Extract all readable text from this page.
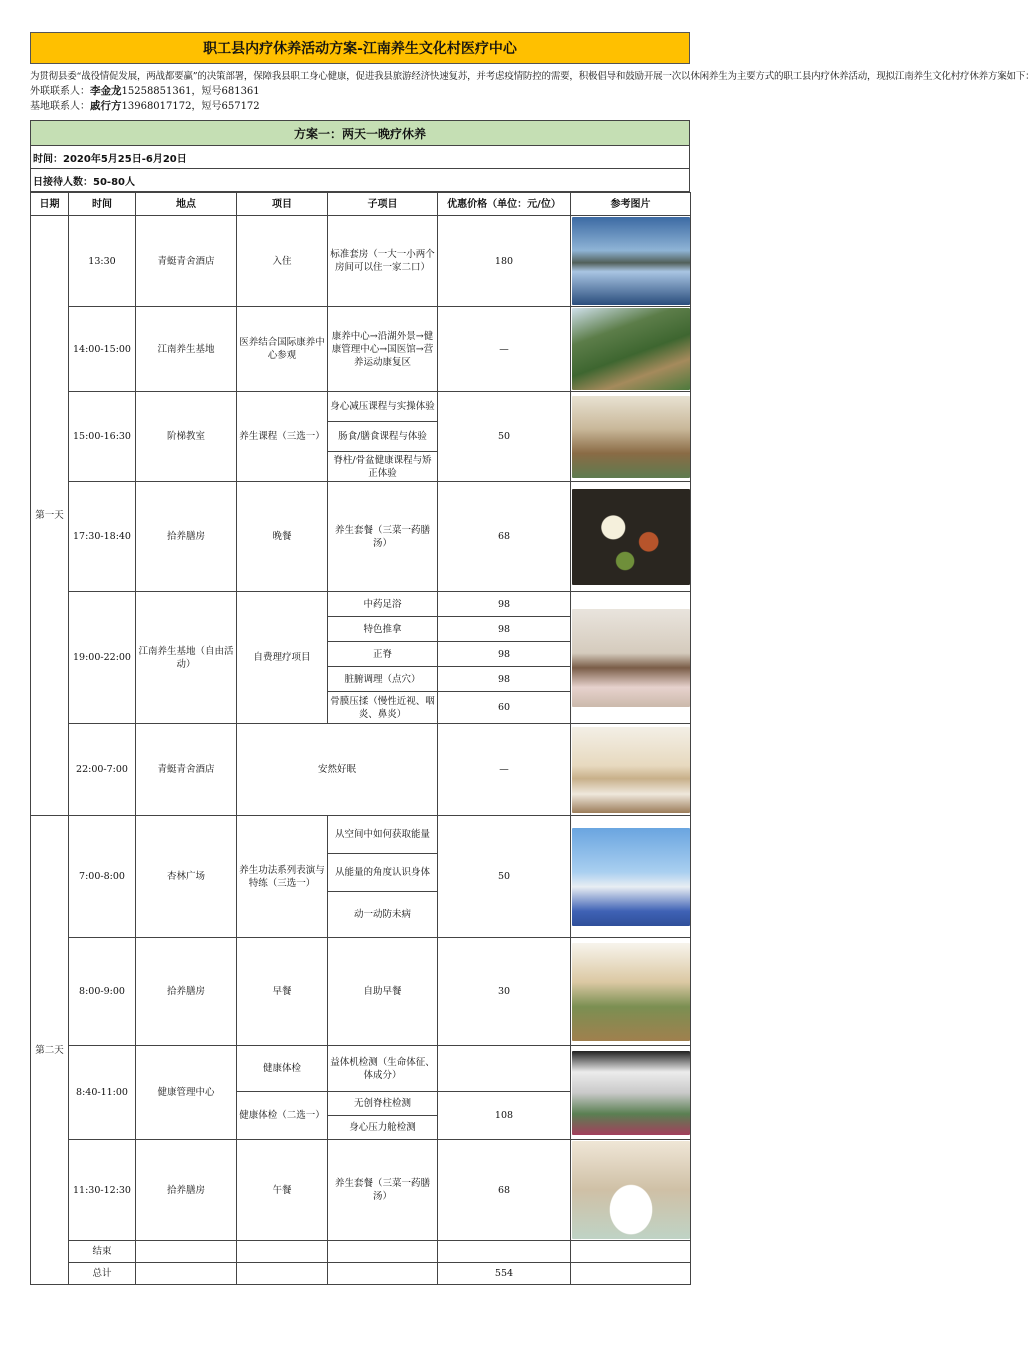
职工县内疗休养活动方案-江南养生文化村医疗中心
为贯彻县委“战役情促发展，两战都要赢”的决策部署，保障我县职工身心健康，促进我县旅游经济快速复苏，并考虑疫情防控的需要，积极倡导和鼓励开展一次以休闲养生为主要方式的职工县内疗休养活动，现拟江南养生文化村疗休养方案如下：
外联联系人：李金龙15258851361，短号681361
基地联系人：戚行方13968017172，短号657172
方案一：两天一晚疗休养
时间：2020年5月25日-6月20日
日接待人数：50-80人
日期	时间	地点	项目	子项目	优惠价格（单位：元/位）	参考图片
第一天	13:30	青蜓青舍酒店	入住	标准套房（一大一小两个房间可以住一家二口）	180	

	14:00-15:00	江南养生基地	医养结合国际康养中心参观	康养中心→沿湖外景→健康管理中心→国医馆→营养运动康复区	—	

	15:00-16:30	阶梯教室	养生课程（三选一）	身心减压课程与实操体验	50	

				肠食/膳食课程与体验		
				脊柱/骨盆健康课程与矫正体验		
	17:30-18:40	拾养膳房	晚餐	养生套餐（三菜一药膳汤）	68	

	19:00-22:00	江南养生基地（自由活动）	自费理疗项目	中药足浴	98	

				特色推拿	98	
				正脊	98	
				脏腑调理（点穴）	98	
				骨膜压揉（慢性近视、咽炎、鼻炎）	60	
	22:00-7:00	青蜓青舍酒店	安然好眠		—	

第二天	7:00-8:00	杏林广场	养生功法系列表演与特练（三选一）	从空间中如何获取能量	50	

				从能量的角度认识身体		
				动一动防未病		
	8:00-9:00	拾养膳房	早餐	自助早餐	30	

	8:40-11:00	健康管理中心	健康体检	益体机检测（生命体征、体成分）		

			健康体检（二选一）	无创脊柱检测	108	
				身心压力舱检测		
	11:30-12:30	拾养膳房	午餐	养生套餐（三菜一药膳汤）	68	

	结束					
	总计				554	
